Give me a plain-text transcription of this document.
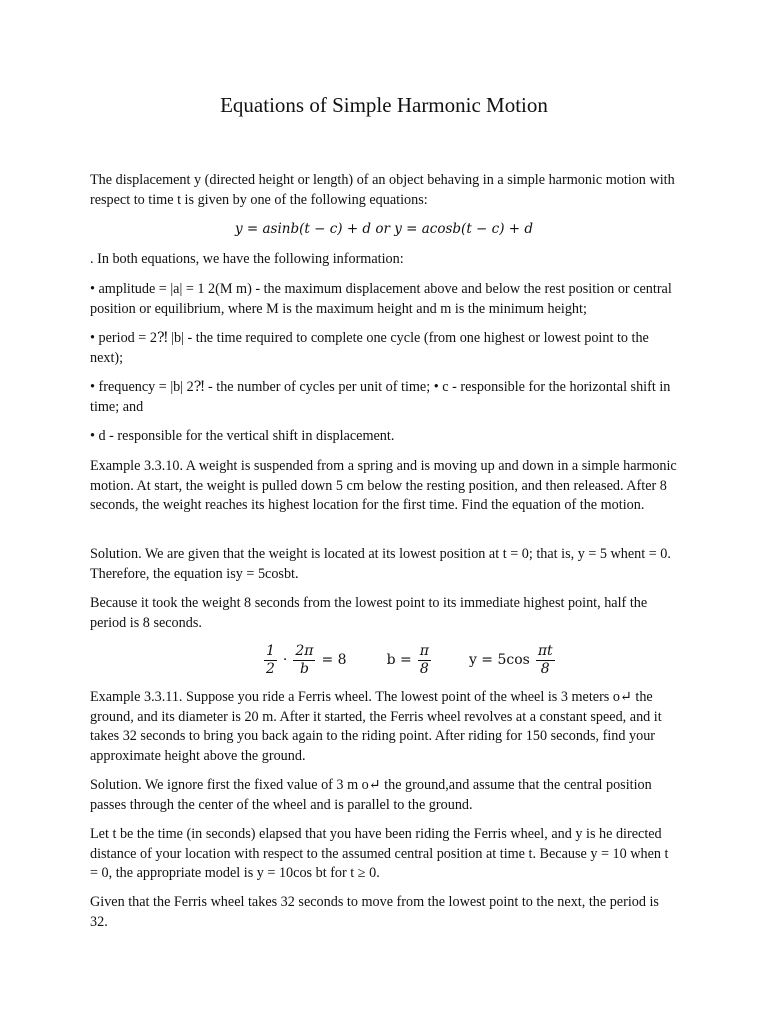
Equations of Simple Harmonic Motion

The displacement y (directed height or length) of an object behaving in a simple harmonic motion with respect to time t is given by one of the following equations:

y = asinb(t − c) + d or y = acosb(t − c) + d

. In both equations, we have the following information:

• amplitude = |a| = 1 2(M m) - the maximum displacement above and below the rest position or central position or equilibrium, where M is the maximum height and m is the minimum height;

• period = 2⁈ |b| - the time required to complete one cycle (from one highest or lowest point to the next);

• frequency = |b| 2⁈ - the number of cycles per unit of time; • c - responsible for the horizontal shift in time; and

• d - responsible for the vertical shift in displacement.

Example 3.3.10. A weight is suspended from a spring and is moving up and down in a simple harmonic motion. At start, the weight is pulled down 5 cm below the resting position, and then released. After 8 seconds, the weight reaches its highest location for the first time. Find the equation of the motion.

Solution. We are given that the weight is located at its lowest position at t = 0; that is, y = 5 whent = 0. Therefore, the equation isy = 5cosbt.

Because it took the weight 8 seconds from the lowest point to its immediate highest point, half the period is 8 seconds.

$\frac{1}{2} \cdot \frac{2\pi}{b} = 8$	$b = \frac{\pi}{8}$	$y = 5\cos \frac{\pi t}{8}$

Example 3.3.11. Suppose you ride a Ferris wheel. The lowest point of the wheel is 3 meters o↵ the ground, and its diameter is 20 m. After it started, the Ferris wheel revolves at a constant speed, and it takes 32 seconds to bring you back again to the riding point. After riding for 150 seconds, find your approximate height above the ground.

Solution. We ignore first the fixed value of 3 m o↵ the ground,and assume that the central position passes through the center of the wheel and is parallel to the ground.

Let t be the time (in seconds) elapsed that you have been riding the Ferris wheel, and y is he directed distance of your location with respect to the assumed central position at time t. Because y = 10 when t = 0, the appropriate model is y = 10cos bt for t ≥ 0.

Given that the Ferris wheel takes 32 seconds to move from the lowest point to the next, the period is 32.
